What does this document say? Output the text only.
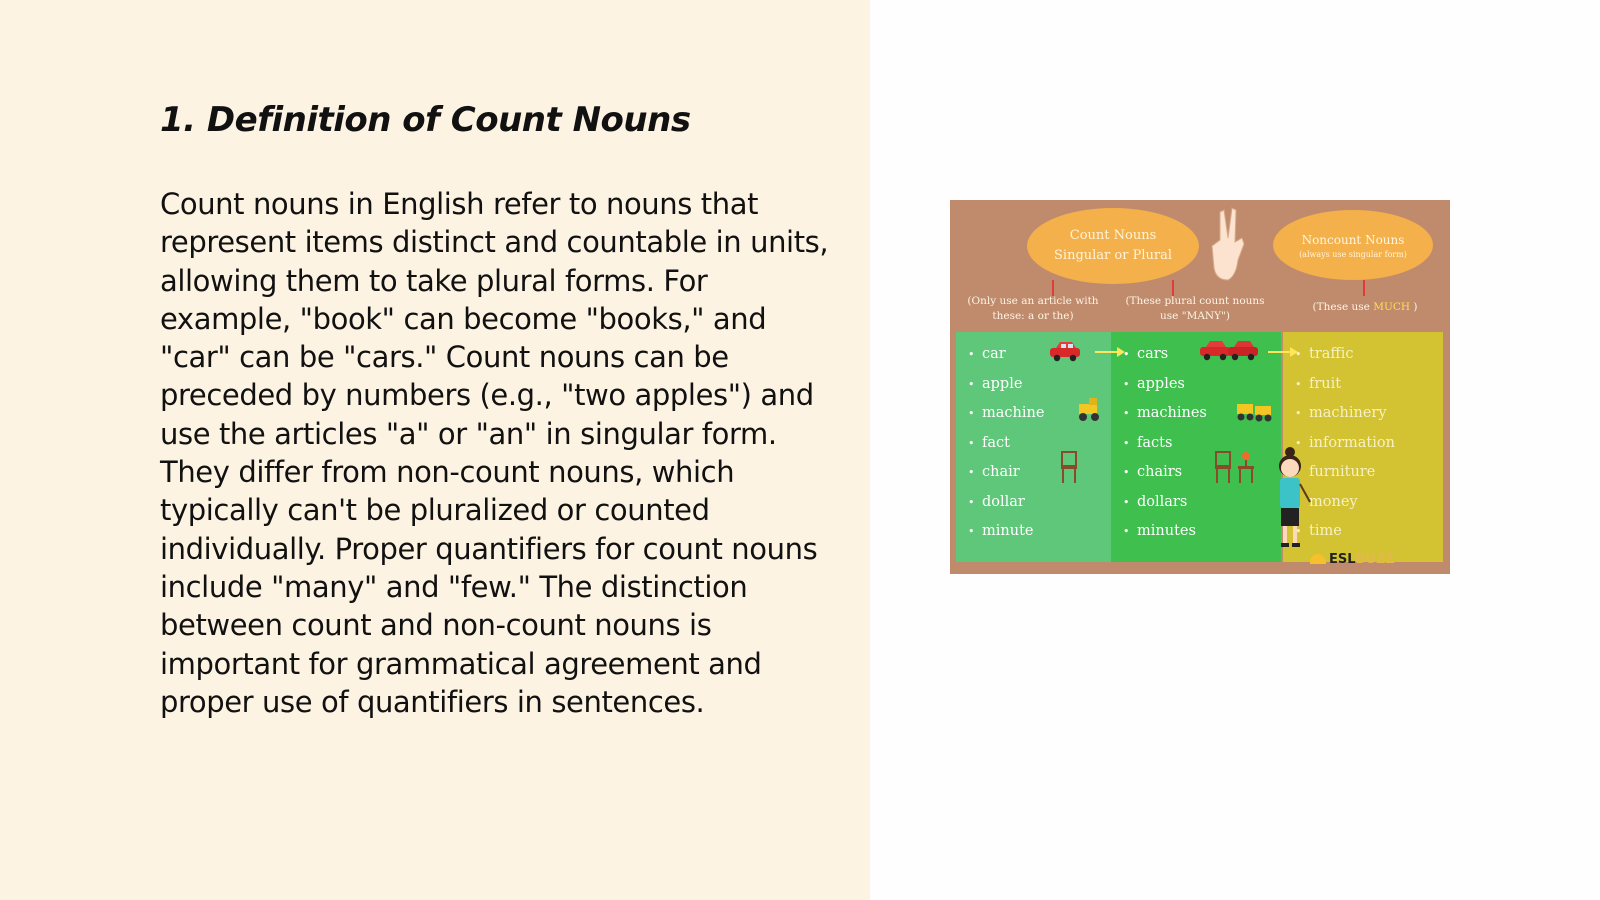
1. Definition of Count Nouns

Count nouns in English refer to nouns that represent items distinct and countable in units, allowing them to take plural forms. For example, "book" can become "books," and "car" can be "cars." Count nouns can be preceded by numbers (e.g., "two apples") and use the articles "a" or "an" in singular form. They differ from non-count nouns, which typically can't be pluralized or counted individually. Proper quantifiers for count nouns include "many" and "few." The distinction between count and non-count nouns is important for grammatical agreement and proper use of quantifiers in sentences.

Count Nouns
Singular or Plural
Noncount Nouns
(always use singular form)
(Only use an article with
these: a or the)
(These plural count nouns
use "MANY")
(These use MUCH )
• car
• apple
• machine
• fact
• chair
• dollar
• minute
• cars
• apples
• machines
• facts
• chairs
• dollars
• minutes
• traffic
• fruit
• machinery
• information
• furniture
• money
• time
ESLBUZZ
